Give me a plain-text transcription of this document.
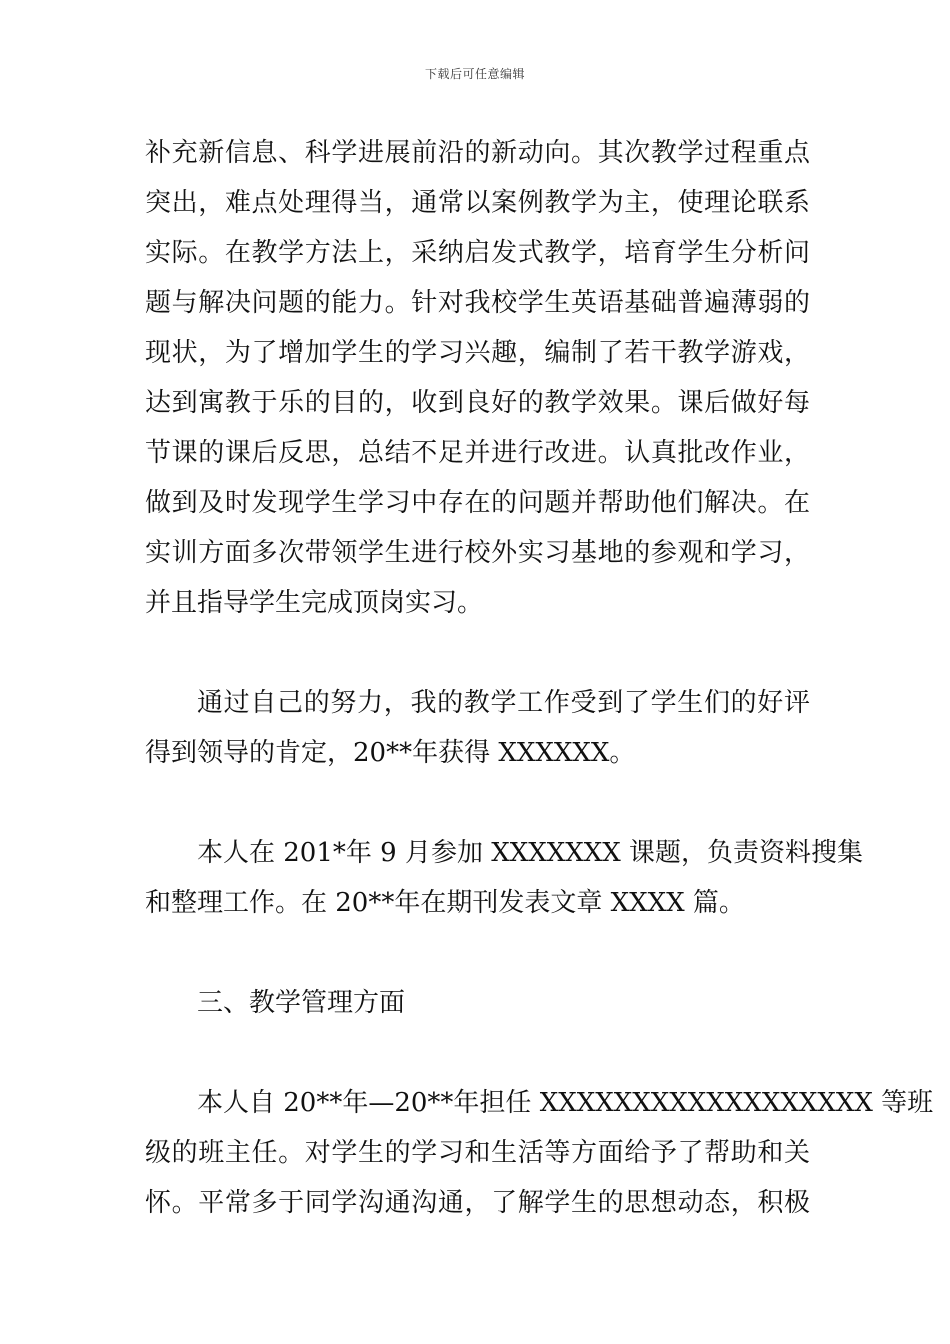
下载后可任意编辑
补充新信息、科学进展前沿的新动向。其次教学过程重点
突出，难点处理得当，通常以案例教学为主，使理论联系
实际。在教学方法上，采纳启发式教学，培育学生分析问
题与解决问题的能力。针对我校学生英语基础普遍薄弱的
现状，为了增加学生的学习兴趣，编制了若干教学游戏，
达到寓教于乐的目的，收到良好的教学效果。课后做好每
节课的课后反思，总结不足并进行改进。认真批改作业，
做到及时发现学生学习中存在的问题并帮助他们解决。在
实训方面多次带领学生进行校外实习基地的参观和学习，
并且指导学生完成顶岗实习。
通过自己的努力，我的教学工作受到了学生们的好评
得到领导的肯定，20**年获得 XXXXXX。
本人在 201*年 9 月参加 XXXXXXX 课题，负责资料搜集
和整理工作。在 20**年在期刊发表文章 XXXX 篇。
三、教学管理方面
本人自 20**年—20**年担任 XXXXXXXXXXXXXXXXXX 等班
级的班主任。对学生的学习和生活等方面给予了帮助和关
怀。平常多于同学沟通沟通，了解学生的思想动态，积极
